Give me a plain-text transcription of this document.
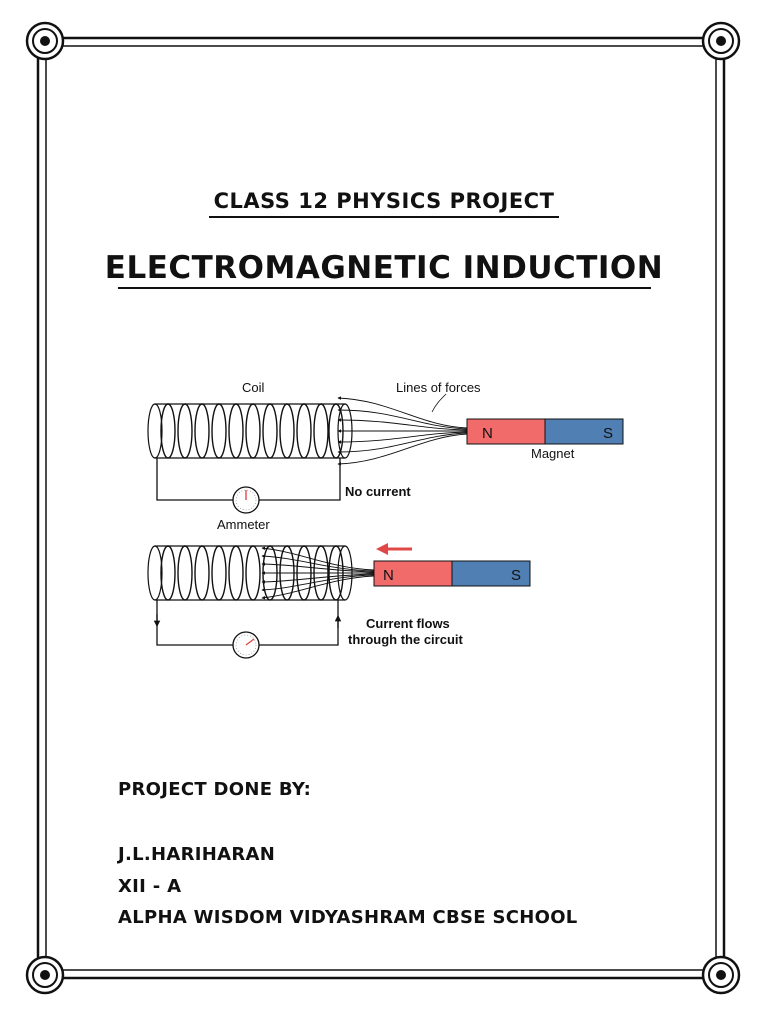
CLASS 12 PHYSICS PROJECT
ELECTROMAGNETIC INDUCTION
N	S
Coil	Lines of forces
Magnet
No current
Ammeter
N	S
Current flows
through the circuit
PROJECT DONE BY:
J.L.HARIHARAN
XII - A
ALPHA WISDOM VIDYASHRAM CBSE SCHOOL
